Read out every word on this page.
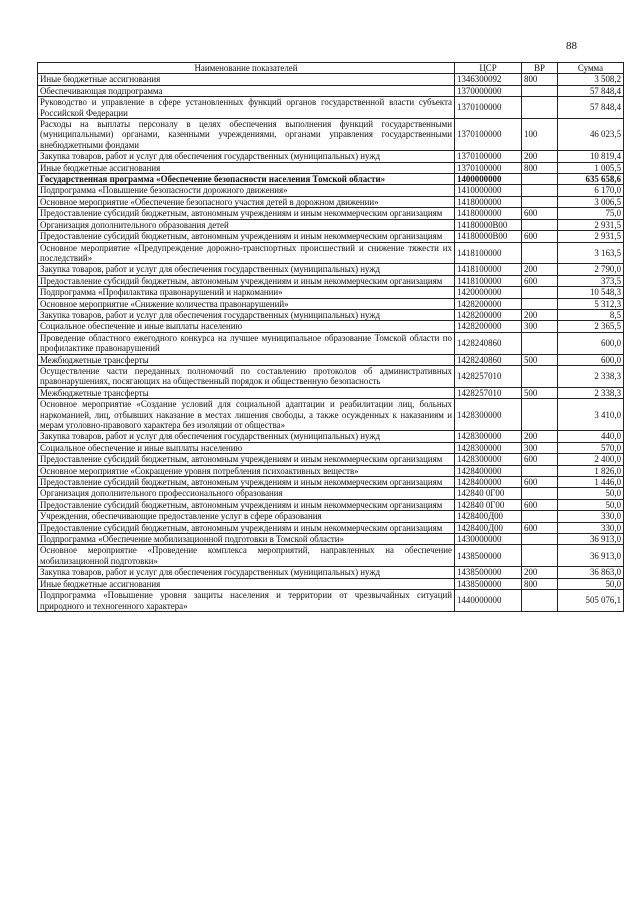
88
Наименование показателей	ЦСР	ВР	Сумма
Иные бюджетные ассигнования	1346300092	800	3 508,2
Обеспечивающая подпрограмма	1370000000		57 848,4
Руководство и управление в сфере установленных функций органов государственной власти субъекта Российской Федерации	1370100000		57 848,4
Расходы на выплаты персоналу в целях обеспечения выполнения функций государственными (муниципальными) органами, казенными учреждениями, органами управления государственными внебюджетными фондами	1370100000	100	46 023,5
Закупка товаров, работ и услуг для обеспечения государственных (муниципальных) нужд	1370100000	200	10 819,4
Иные бюджетные ассигнования	1370100000	800	1 005,5
Государственная программа «Обеспечение безопасности населения Томской области»	1400000000		635 658,6
Подпрограмма «Повышение безопасности дорожного движения»	1410000000		6 170,0
Основное мероприятие «Обеспечение безопасного участия детей в дорожном движении»	1418000000		3 006,5
Предоставление субсидий бюджетным, автономным учреждениям и иным некоммерческим организациям	1418000000	600	75,0
Организация дополнительного образования детей	14180000В00		2 931,5
Предоставление субсидий бюджетным, автономным учреждениям и иным некоммерческим организациям	14180000В00	600	2 931,5
Основное мероприятие «Предупреждение дорожно-транспортных происшествий и снижение тяжести их последствий»	1418100000		3 163,5
Закупка товаров, работ и услуг для обеспечения государственных (муниципальных) нужд	1418100000	200	2 790,0
Предоставление субсидий бюджетным, автономным учреждениям и иным некоммерческим организациям	1418100000	600	373,5
Подпрограмма «Профилактика правонарушений и наркомании»	1420000000		10 548,3
Основное мероприятие «Снижение количества правонарушений»	1428200000		5 312,3
Закупка товаров, работ и услуг для обеспечения государственных (муниципальных) нужд	1428200000	200	8,5
Социальное обеспечение и иные выплаты населению	1428200000	300	2 365,5
Проведение областного ежегодного конкурса на лучшее муниципальное образование Томской области по профилактике правонарушений	1428240860		600,0
Межбюджетные трансферты	1428240860	500	600,0
Осуществление части переданных полномочий по составлению протоколов об административных правонарушениях, посягающих на общественный порядок и общественную безопасность	1428257010		2 338,3
Межбюджетные трансферты	1428257010	500	2 338,3
Основное мероприятие «Создание условий для социальной адаптации и реабилитации лиц, больных наркоманией, лиц, отбывших наказание в местах лишения свободы, а также осужденных к наказаниям и мерам уголовно-правового характера без изоляции от общества»	1428300000		3 410,0
Закупка товаров, работ и услуг для обеспечения государственных (муниципальных) нужд	1428300000	200	440,0
Социальное обеспечение и иные выплаты населению	1428300000	300	570,0
Предоставление субсидий бюджетным, автономным учреждениям и иным некоммерческим организациям	1428300000	600	2 400,0
Основное мероприятие «Сокращение уровня потребления психоактивных веществ»	1428400000		1 826,0
Предоставление субсидий бюджетным, автономным учреждениям и иным некоммерческим организациям	1428400000	600	1 446,0
Организация дополнительного профессионального образования	142840 0Г00		50,0
Предоставление субсидий бюджетным, автономным учреждениям и иным некоммерческим организациям	142840 0Г00	600	50,0
Учреждения, обеспечивающие предоставление услуг в сфере образования	1428400Д00		330,0
Предоставление субсидий бюджетным, автономным учреждениям и иным некоммерческим организациям	1428400Д00	600	330,0
Подпрограмма «Обеспечение мобилизационной подготовки в Томской области»	1430000000		36 913,0
Основное мероприятие «Проведение комплекса мероприятий, направленных на обеспечение мобилизационной подготовки»	1438500000		36 913,0
Закупка товаров, работ и услуг для обеспечения государственных (муниципальных) нужд	1438500000	200	36 863,0
Иные бюджетные ассигнования	1438500000	800	50,0
Подпрограмма «Повышение уровня защиты населения и территории от чрезвычайных ситуаций природного и техногенного характера»	1440000000		505 076,1
